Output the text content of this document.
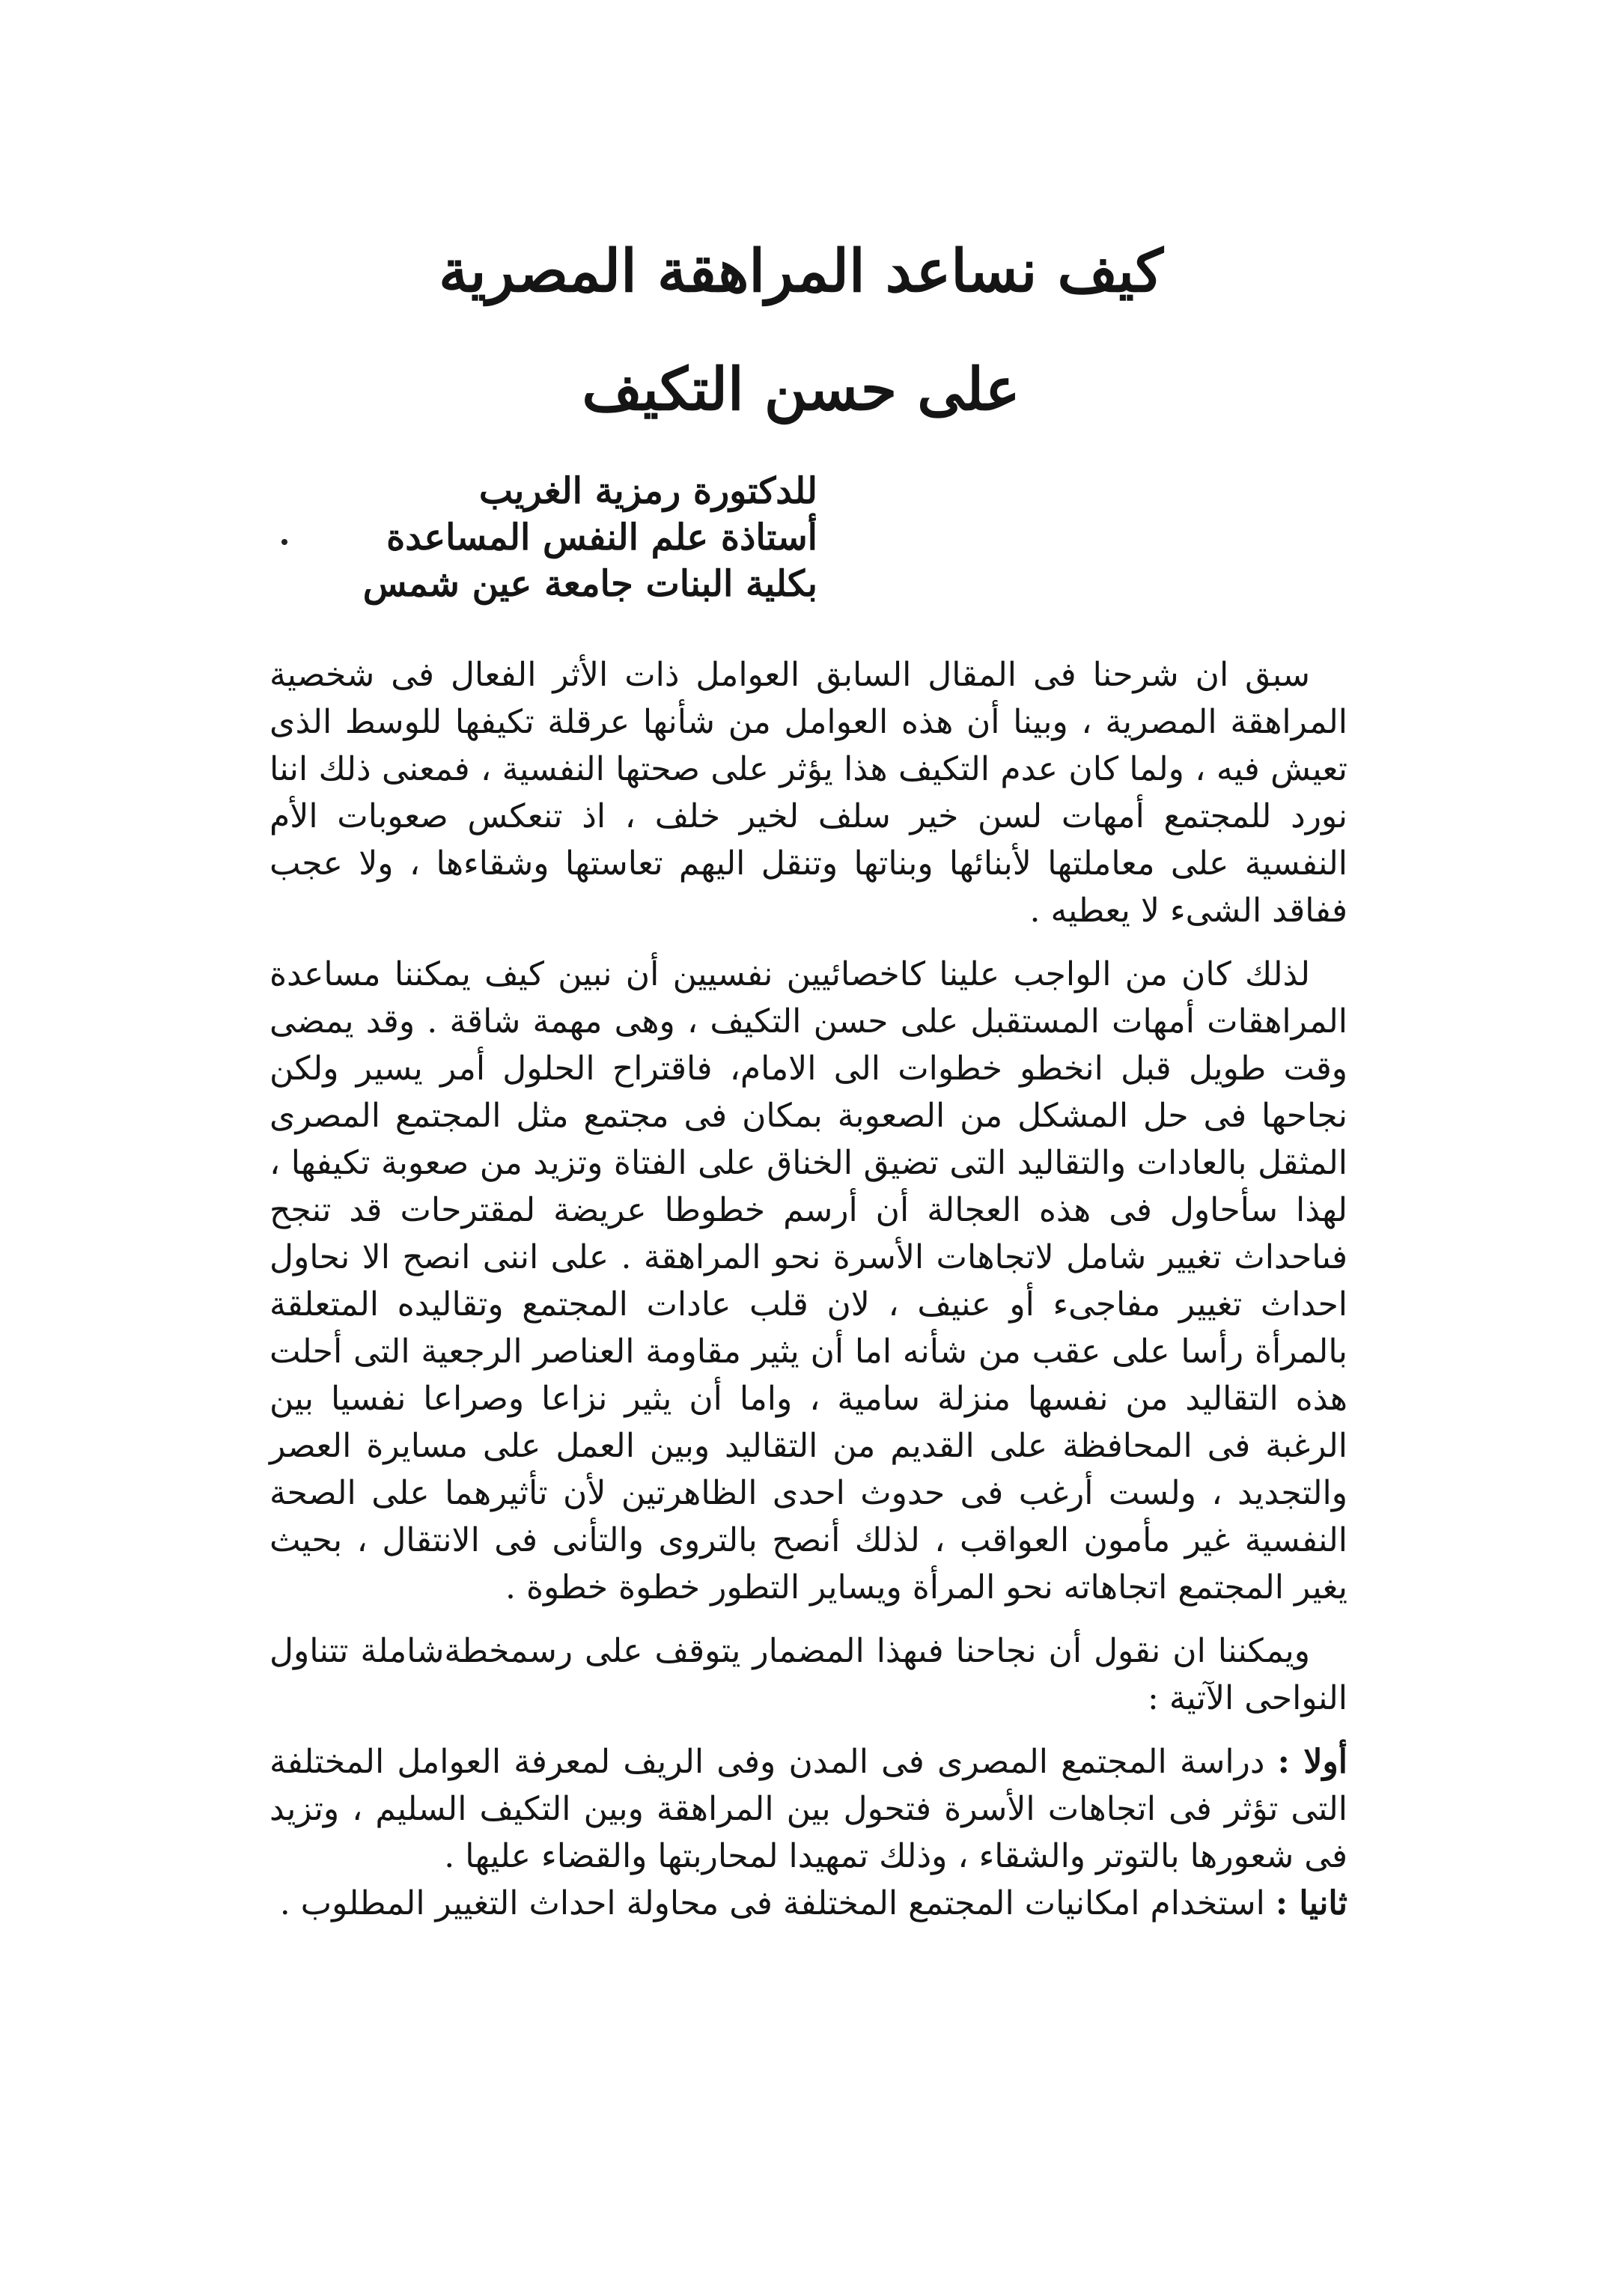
كيف نساعد المراهقة المصرية
على حسن التكيف
للدكتورة رمزية الغريب
أستاذة علم النفس المساعدة
بكلية البنات جامعة عين شمس

سبق ان شرحنا فى المقال السابق العوامل ذات الأثر الفعال فى شخصية المراهقة المصرية ، وبينا أن هذه العوامل من شأنها عرقلة تكيفها للوسط الذى تعيش فيه ، ولما كان عدم التكيف هذا يؤثر على صحتها النفسية ، فمعنى ذلك اننا نورد للمجتمع أمهات لسن خير سلف لخير خلف ، اذ تنعكس صعوبات الأم النفسية على معاملتها لأبنائها وبناتها وتنقل اليهم تعاستها وشقاءها ، ولا عجب ففاقد الشىء لا يعطيه .

لذلك كان من الواجب علينا كاخصائيين نفسيين أن نبين كيف يمكننا مساعدة المراهقات أمهات المستقبل على حسن التكيف ، وهى مهمة شاقة . وقد يمضى وقت طويل قبل انخطو خطوات الى الامام، فاقتراح الحلول أمر يسير ولكن نجاحها فى حل المشكل من الصعوبة بمكان فى مجتمع مثل المجتمع المصرى المثقل بالعادات والتقاليد التى تضيق الخناق على الفتاة وتزيد من صعوبة تكيفها ، لهذا سأحاول فى هذه العجالة أن أرسم خطوطا عريضة لمقترحات قد تنجح فىاحداث تغيير شامل لاتجاهات الأسرة نحو المراهقة . على اننى انصح الا نحاول احداث تغيير مفاجىء أو عنيف ، لان قلب عادات المجتمع وتقاليده المتعلقة بالمرأة رأسا على عقب من شأنه اما أن يثير مقاومة العناصر الرجعية التى أحلت هذه التقاليد من نفسها منزلة سامية ، واما أن يثير نزاعا وصراعا نفسيا بين الرغبة فى المحافظة على القديم من التقاليد وبين العمل على مسايرة العصر والتجديد ، ولست أرغب فى حدوث احدى الظاهرتين لأن تأثيرهما على الصحة النفسية غير مأمون العواقب ، لذلك أنصح بالتروى والتأنى فى الانتقال ، بحيث يغير المجتمع اتجاهاته نحو المرأة ويساير التطور خطوة خطوة .

ويمكننا ان نقول أن نجاحنا فىهذا المضمار يتوقف على رسمخطةشاملة تتناول النواحى الآتية :

أولا : دراسة المجتمع المصرى فى المدن وفى الريف لمعرفة العوامل المختلفة التى تؤثر فى اتجاهات الأسرة فتحول بين المراهقة وبين التكيف السليم ، وتزيد فى شعورها بالتوتر والشقاء ، وذلك تمهيدا لمحاربتها والقضاء عليها .

ثانيا : استخدام امكانيات المجتمع المختلفة فى محاولة احداث التغيير المطلوب .
